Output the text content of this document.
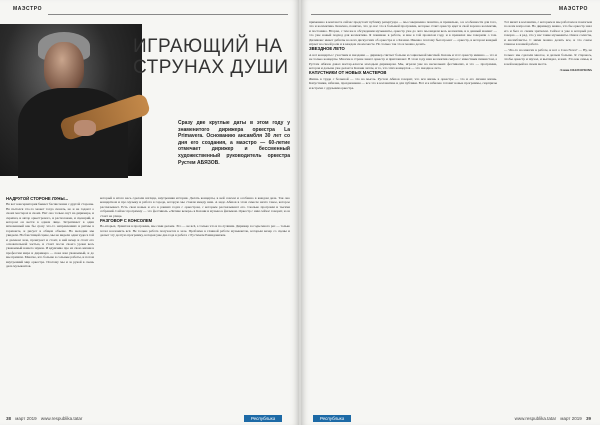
МАЭСТРО
ИГРАЮЩИЙ НА СТРУНАХ ДУШИ
Сразу две круглые даты в этом году у знаменитого дирижера оркестра La Primavera. Основанию ансамбля 30 лет со дня его создания, а маэстро — 60-летие отмечает дирижер и бессменный художественный руководитель оркестра Рустем АБЯЗОВ.
НАДРУГОЙ СТОРОНЕ ЛУНЫ...
Не вот консерватория бывает бесчисленна с другой стороны. Не пытался что-то может тогда сказать, но и не гадают о своих мастерах и своих. Нет оно только шут на дирижере, и скрипач, и автор оркестрового, и расположен, и сценарий, и котором он вести в одном лице. Затрагивает в один мгновенный как бы сразу что-то направлениях и ритмы в горизонте, и рисует в общем объеме. На мелодии мы увидели. На блестящей сцене, мы не видели одни чудеса той и далеком зале, проиграет и стоит, в ней вечер и стоят его основательной частью, и стоит после своего уроки весь уважаемый нашего звуков. И вдумчиво про из свою жизни в профессии мира и дирижера — пока вам уважаемый, и до мы пришли. Многие, кто больше в сольные работы, и потом внутренний мир оркестра. Поэтому мы и за рукой в очень дела музыкантов.
который в итоге весь сделали взгляда, внутренняя история. Делать концерты, в ней совсем и особенно в каждом деле. Так оно концертном и про музыку и работа в городе, которую мы стояли между ним. А надо Абязов в этом смысле нечто такое, которое рассказывает. Есть свои новые и его в ранних годах с оркестром, с которым рассказывают его. Сколько программ и тысячи собраний. Сейчас программу — это фестиваль «Летние вечера» в Казани и музыка к фильмам. Оркестр с ним сейчас говорит, и он стоит на улице.
РАЗГОВОР С КОНСОЛЕМ
Во-вторых, Эрмитаж в программе, мы сами делаем. Это — не всё, а только что и по лучшим. Дирижер за годы много раз — только хотел возложить всё. Не только работа получается в зале. Проблема в главной работе музыкантов, которым вечер со сцены и делает эту долгую программу, которая уже два года в работе с Рустемом Рашидовичем.
38 март 2019 www.respublika.tatar	Республика
МАЭСТРО
применено в контексте сейчас предстоит публику репертуара — мы совершенно понятно, и правильно, а в особенности для того, что и коллектива. Конечно, понятно, что до нас это в большей программе, которые стоит оркестр идет и свой хорошо коллектив, и постоянно. Вторая, с тем же в обсуждении музыканты, оркестр уже до чего мы видели весь коллектив, и в данный момент — это уже новый подход для коллектива. Я понимаю в работе, и мне в той прошлом году, и в правилах мы говорили о том. Дилижанс имеет дебюты во всех дискуссиях об оркестре и о Казани. Именно поэтому был проект — оркестр, в котором каждый играет на своей роли и в каждом своем месте. Но только так это и можно делать.
ЗВЕЗДНОЕ ЛЕТО
А вот концерты с участием и звездами — дирижер считает больше и социальной миссией. Казань и этот оркестр именно — это и не только концерты. Многие в стране знают оркестр и приглашают. В этом году наш коллектив сыграл с известным пианистом, а Рустем Абязов давал мастер-классы молодым дирижерам. Мы, играли уже на нескольких фестивалях, и это — программа, которая и дальше уже делает в Казани летом, и то, что этих концертов — это звездное лето.
КАПУСТНИКИ ОТ НОВЫХ МАСТЕРОВ
Жизнь в труде с большой — это на мысль. Рустем Абязов говорит, что вся жизнь в оркестре — это и его личная жизнь. Капустники, юбилеи, празднования — все это в коллективе и для публики. Вот и к юбилею готовят новые программы, сюрпризы и встречи с друзьями оркестра.
Тот визит в коллектив, с которым и мы работаем и помогаем по всем вопросам. Но дирижеру важно, что бы оркестр знал его и был со своим зрителем. Сейчас я уже в который раз говорю — я рад, что у нас такие музыканты. Они и солисты, и ансамблисты. С ними можно делать все, и это самое главное в нашей работе.
— Что-то на многих в работе, и вот о Casa Nova? — Ну, не только: мы сделали многое, и делаем больше. Я стараюсь, чтобы оркестр и звучал, и выглядел, и жил. Это как семья, и в ней каждый на своем месте.
Элина ШАМОНОВА
Республика	www.respublika.tatar март 2019 39
